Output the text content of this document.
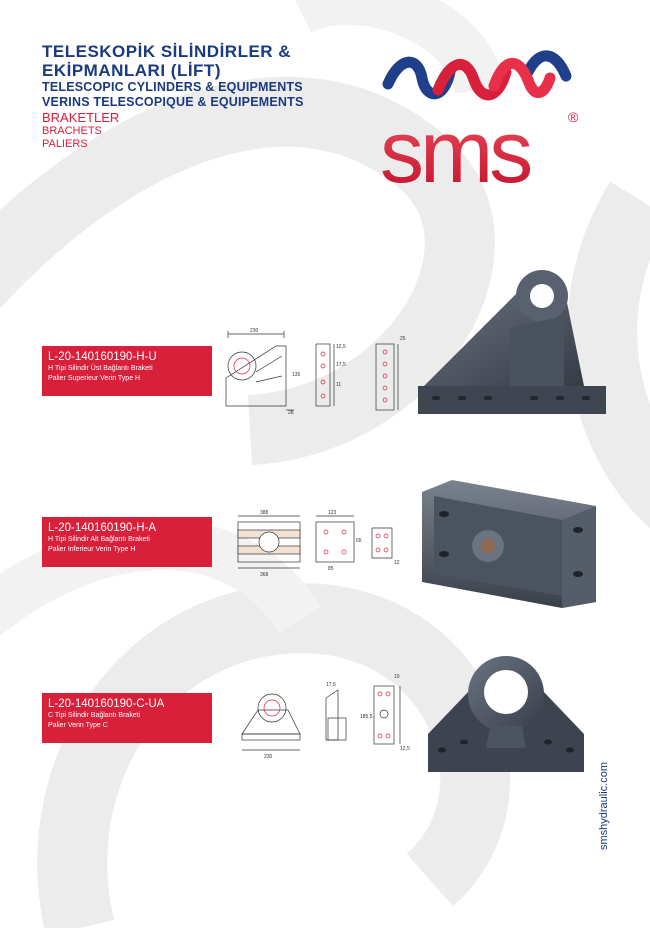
TELESKOPİK SİLİNDİRLER &
EKİPMANLARI (LİFT)
TELESCOPIC CYLINDERS & EQUIPMENTS
VERINS TELESCOPIQUE & EQUIPEMENTS
BRAKETLER
BRACHETS
PALIERS	sms	®
L-20-140160190-H-U
H Tipi Silindir Üst Bağlantı Braketi
Palier Superieur Verin Type H
230
135
28
12,5
17,5
11
25
L-20-140160190-H-A
H Tipi Silindir Alt Bağlantı Braketi
Palier Inferieur Verin Type H
388
368
123
65
85
12
L-20-140160190-C-UA
C Tipi Silindir Bağlantı Braketi
Palier Verin Type C
230
17,5
185,5
19
12,5
smshydraulic.com
